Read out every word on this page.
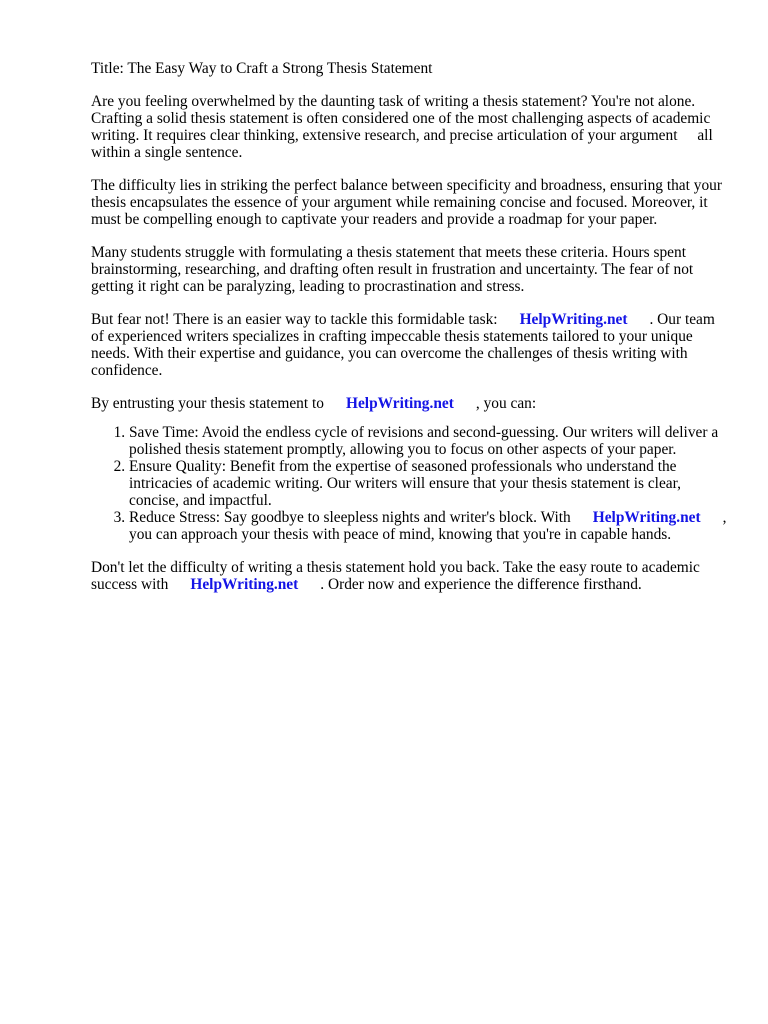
Title: The Easy Way to Craft a Strong Thesis Statement

Are you feeling overwhelmed by the daunting task of writing a thesis statement? You're not alone. Crafting a solid thesis statement is often considered one of the most challenging aspects of academic writing. It requires clear thinking, extensive research, and precise articulation of your argument all within a single sentence.

The difficulty lies in striking the perfect balance between specificity and broadness, ensuring that your thesis encapsulates the essence of your argument while remaining concise and focused. Moreover, it must be compelling enough to captivate your readers and provide a roadmap for your paper.

Many students struggle with formulating a thesis statement that meets these criteria. Hours spent brainstorming, researching, and drafting often result in frustration and uncertainty. The fear of not getting it right can be paralyzing, leading to procrastination and stress.

But fear not! There is an easier way to tackle this formidable task: HelpWriting.net . Our team of experienced writers specializes in crafting impeccable thesis statements tailored to your unique needs. With their expertise and guidance, you can overcome the challenges of thesis writing with confidence.

By entrusting your thesis statement to HelpWriting.net , you can:

1. Save Time: Avoid the endless cycle of revisions and second-guessing. Our writers will deliver a polished thesis statement promptly, allowing you to focus on other aspects of your paper.
2. Ensure Quality: Benefit from the expertise of seasoned professionals who understand the intricacies of academic writing. Our writers will ensure that your thesis statement is clear, concise, and impactful.
3. Reduce Stress: Say goodbye to sleepless nights and writer's block. With HelpWriting.net , you can approach your thesis with peace of mind, knowing that you're in capable hands.

Don't let the difficulty of writing a thesis statement hold you back. Take the easy route to academic success with HelpWriting.net . Order now and experience the difference firsthand.
